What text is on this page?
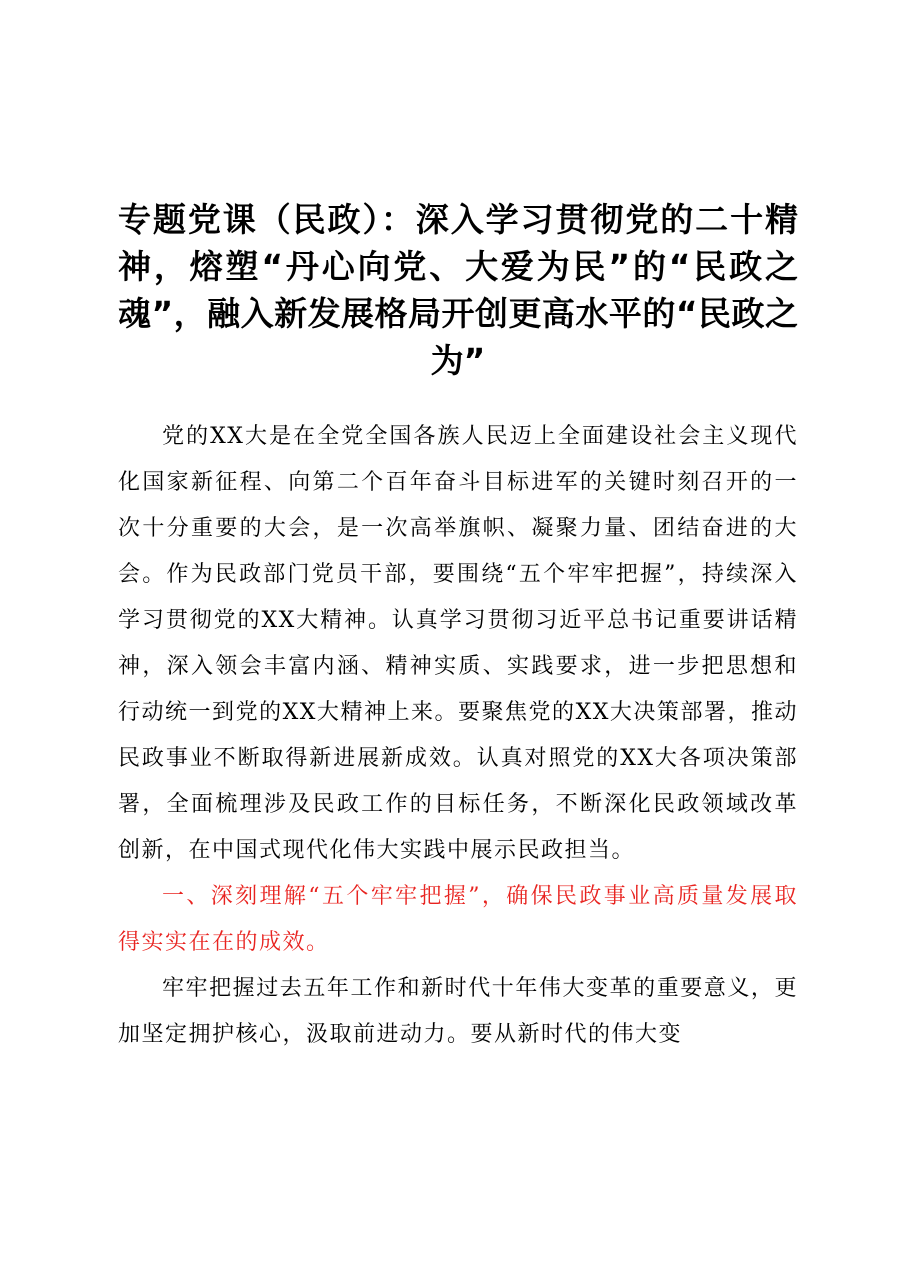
专题党课（民政）：深入学习贯彻党的二十精神，熔塑“丹心向党、大爱为民”的“民政之魂”，融入新发展格局开创更高水平的“民政之为”

党的XX大是在全党全国各族人民迈上全面建设社会主义现代化国家新征程、向第二个百年奋斗目标进军的关键时刻召开的一次十分重要的大会，是一次高举旗帜、凝聚力量、团结奋进的大会。作为民政部门党员干部，要围绕“五个牢牢把握”，持续深入学习贯彻党的XX大精神。认真学习贯彻习近平总书记重要讲话精神，深入领会丰富内涵、精神实质、实践要求，进一步把思想和行动统一到党的XX大精神上来。要聚焦党的XX大决策部署，推动民政事业不断取得新进展新成效。认真对照党的XX大各项决策部署，全面梳理涉及民政工作的目标任务，不断深化民政领域改革创新，在中国式现代化伟大实践中展示民政担当。

一、深刻理解“五个牢牢把握”，确保民政事业高质量发展取得实实在在的成效。

牢牢把握过去五年工作和新时代十年伟大变革的重要意义，更加坚定拥护核心，汲取前进动力。要从新时代的伟大变
